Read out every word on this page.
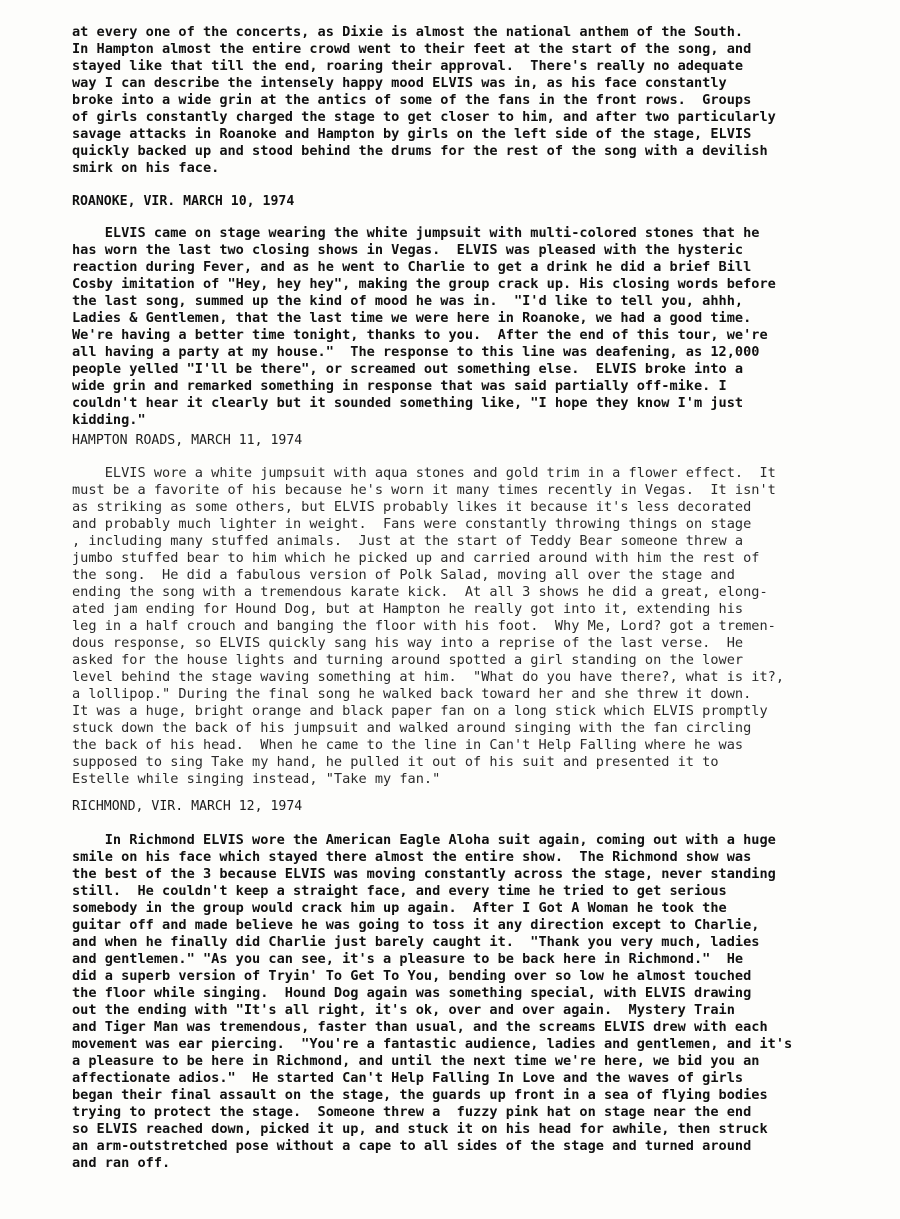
at every one of the concerts, as Dixie is almost the national anthem of the South.
In Hampton almost the entire crowd went to their feet at the start of the song, and
stayed like that till the end, roaring their approval.  There's really no adequate
way I can describe the intensely happy mood ELVIS was in, as his face constantly
broke into a wide grin at the antics of some of the fans in the front rows.  Groups
of girls constantly charged the stage to get closer to him, and after two particularly
savage attacks in Roanoke and Hampton by girls on the left side of the stage, ELVIS
quickly backed up and stood behind the drums for the rest of the song with a devilish
smirk on his face.

ROANOKE, VIR. MARCH 10, 1974

ELVIS came on stage wearing the white jumpsuit with multi-colored stones that he
has worn the last two closing shows in Vegas.  ELVIS was pleased with the hysteric
reaction during Fever, and as he went to Charlie to get a drink he did a brief Bill
Cosby imitation of "Hey, hey hey", making the group crack up. His closing words before
the last song, summed up the kind of mood he was in.  "I'd like to tell you, ahhh,
Ladies & Gentlemen, that the last time we were here in Roanoke, we had a good time.
We're having a better time tonight, thanks to you.  After the end of this tour, we're
all having a party at my house."  The response to this line was deafening, as 12,000
people yelled "I'll be there", or screamed out something else.  ELVIS broke into a
wide grin and remarked something in response that was said partially off-mike. I
couldn't hear it clearly but it sounded something like, "I hope they know I'm just
kidding."

HAMPTON ROADS, MARCH 11, 1974

ELVIS wore a white jumpsuit with aqua stones and gold trim in a flower effect.  It
must be a favorite of his because he's worn it many times recently in Vegas.  It isn't
as striking as some others, but ELVIS probably likes it because it's less decorated
and probably much lighter in weight.  Fans were constantly throwing things on stage
, including many stuffed animals.  Just at the start of Teddy Bear someone threw a
jumbo stuffed bear to him which he picked up and carried around with him the rest of
the song.  He did a fabulous version of Polk Salad, moving all over the stage and
ending the song with a tremendous karate kick.  At all 3 shows he did a great, elong-
ated jam ending for Hound Dog, but at Hampton he really got into it, extending his
leg in a half crouch and banging the floor with his foot.  Why Me, Lord? got a tremen-
dous response, so ELVIS quickly sang his way into a reprise of the last verse.  He
asked for the house lights and turning around spotted a girl standing on the lower
level behind the stage waving something at him.  "What do you have there?, what is it?,
a lollipop." During the final song he walked back toward her and she threw it down.
It was a huge, bright orange and black paper fan on a long stick which ELVIS promptly
stuck down the back of his jumpsuit and walked around singing with the fan circling
the back of his head.  When he came to the line in Can't Help Falling where he was
supposed to sing Take my hand, he pulled it out of his suit and presented it to
Estelle while singing instead, "Take my fan."

RICHMOND, VIR. MARCH 12, 1974

In Richmond ELVIS wore the American Eagle Aloha suit again, coming out with a huge
smile on his face which stayed there almost the entire show.  The Richmond show was
the best of the 3 because ELVIS was moving constantly across the stage, never standing
still.  He couldn't keep a straight face, and every time he tried to get serious
somebody in the group would crack him up again.  After I Got A Woman he took the
guitar off and made believe he was going to toss it any direction except to Charlie,
and when he finally did Charlie just barely caught it.  "Thank you very much, ladies
and gentlemen." "As you can see, it's a pleasure to be back here in Richmond."  He
did a superb version of Tryin' To Get To You, bending over so low he almost touched
the floor while singing.  Hound Dog again was something special, with ELVIS drawing
out the ending with "It's all right, it's ok, over and over again.  Mystery Train
and Tiger Man was tremendous, faster than usual, and the screams ELVIS drew with each
movement was ear piercing.  "You're a fantastic audience, ladies and gentlemen, and it's
a pleasure to be here in Richmond, and until the next time we're here, we bid you an
affectionate adios."  He started Can't Help Falling In Love and the waves of girls
began their final assault on the stage, the guards up front in a sea of flying bodies
trying to protect the stage.  Someone threw a  fuzzy pink hat on stage near the end
so ELVIS reached down, picked it up, and stuck it on his head for awhile, then struck
an arm-outstretched pose without a cape to all sides of the stage and turned around
and ran off.
